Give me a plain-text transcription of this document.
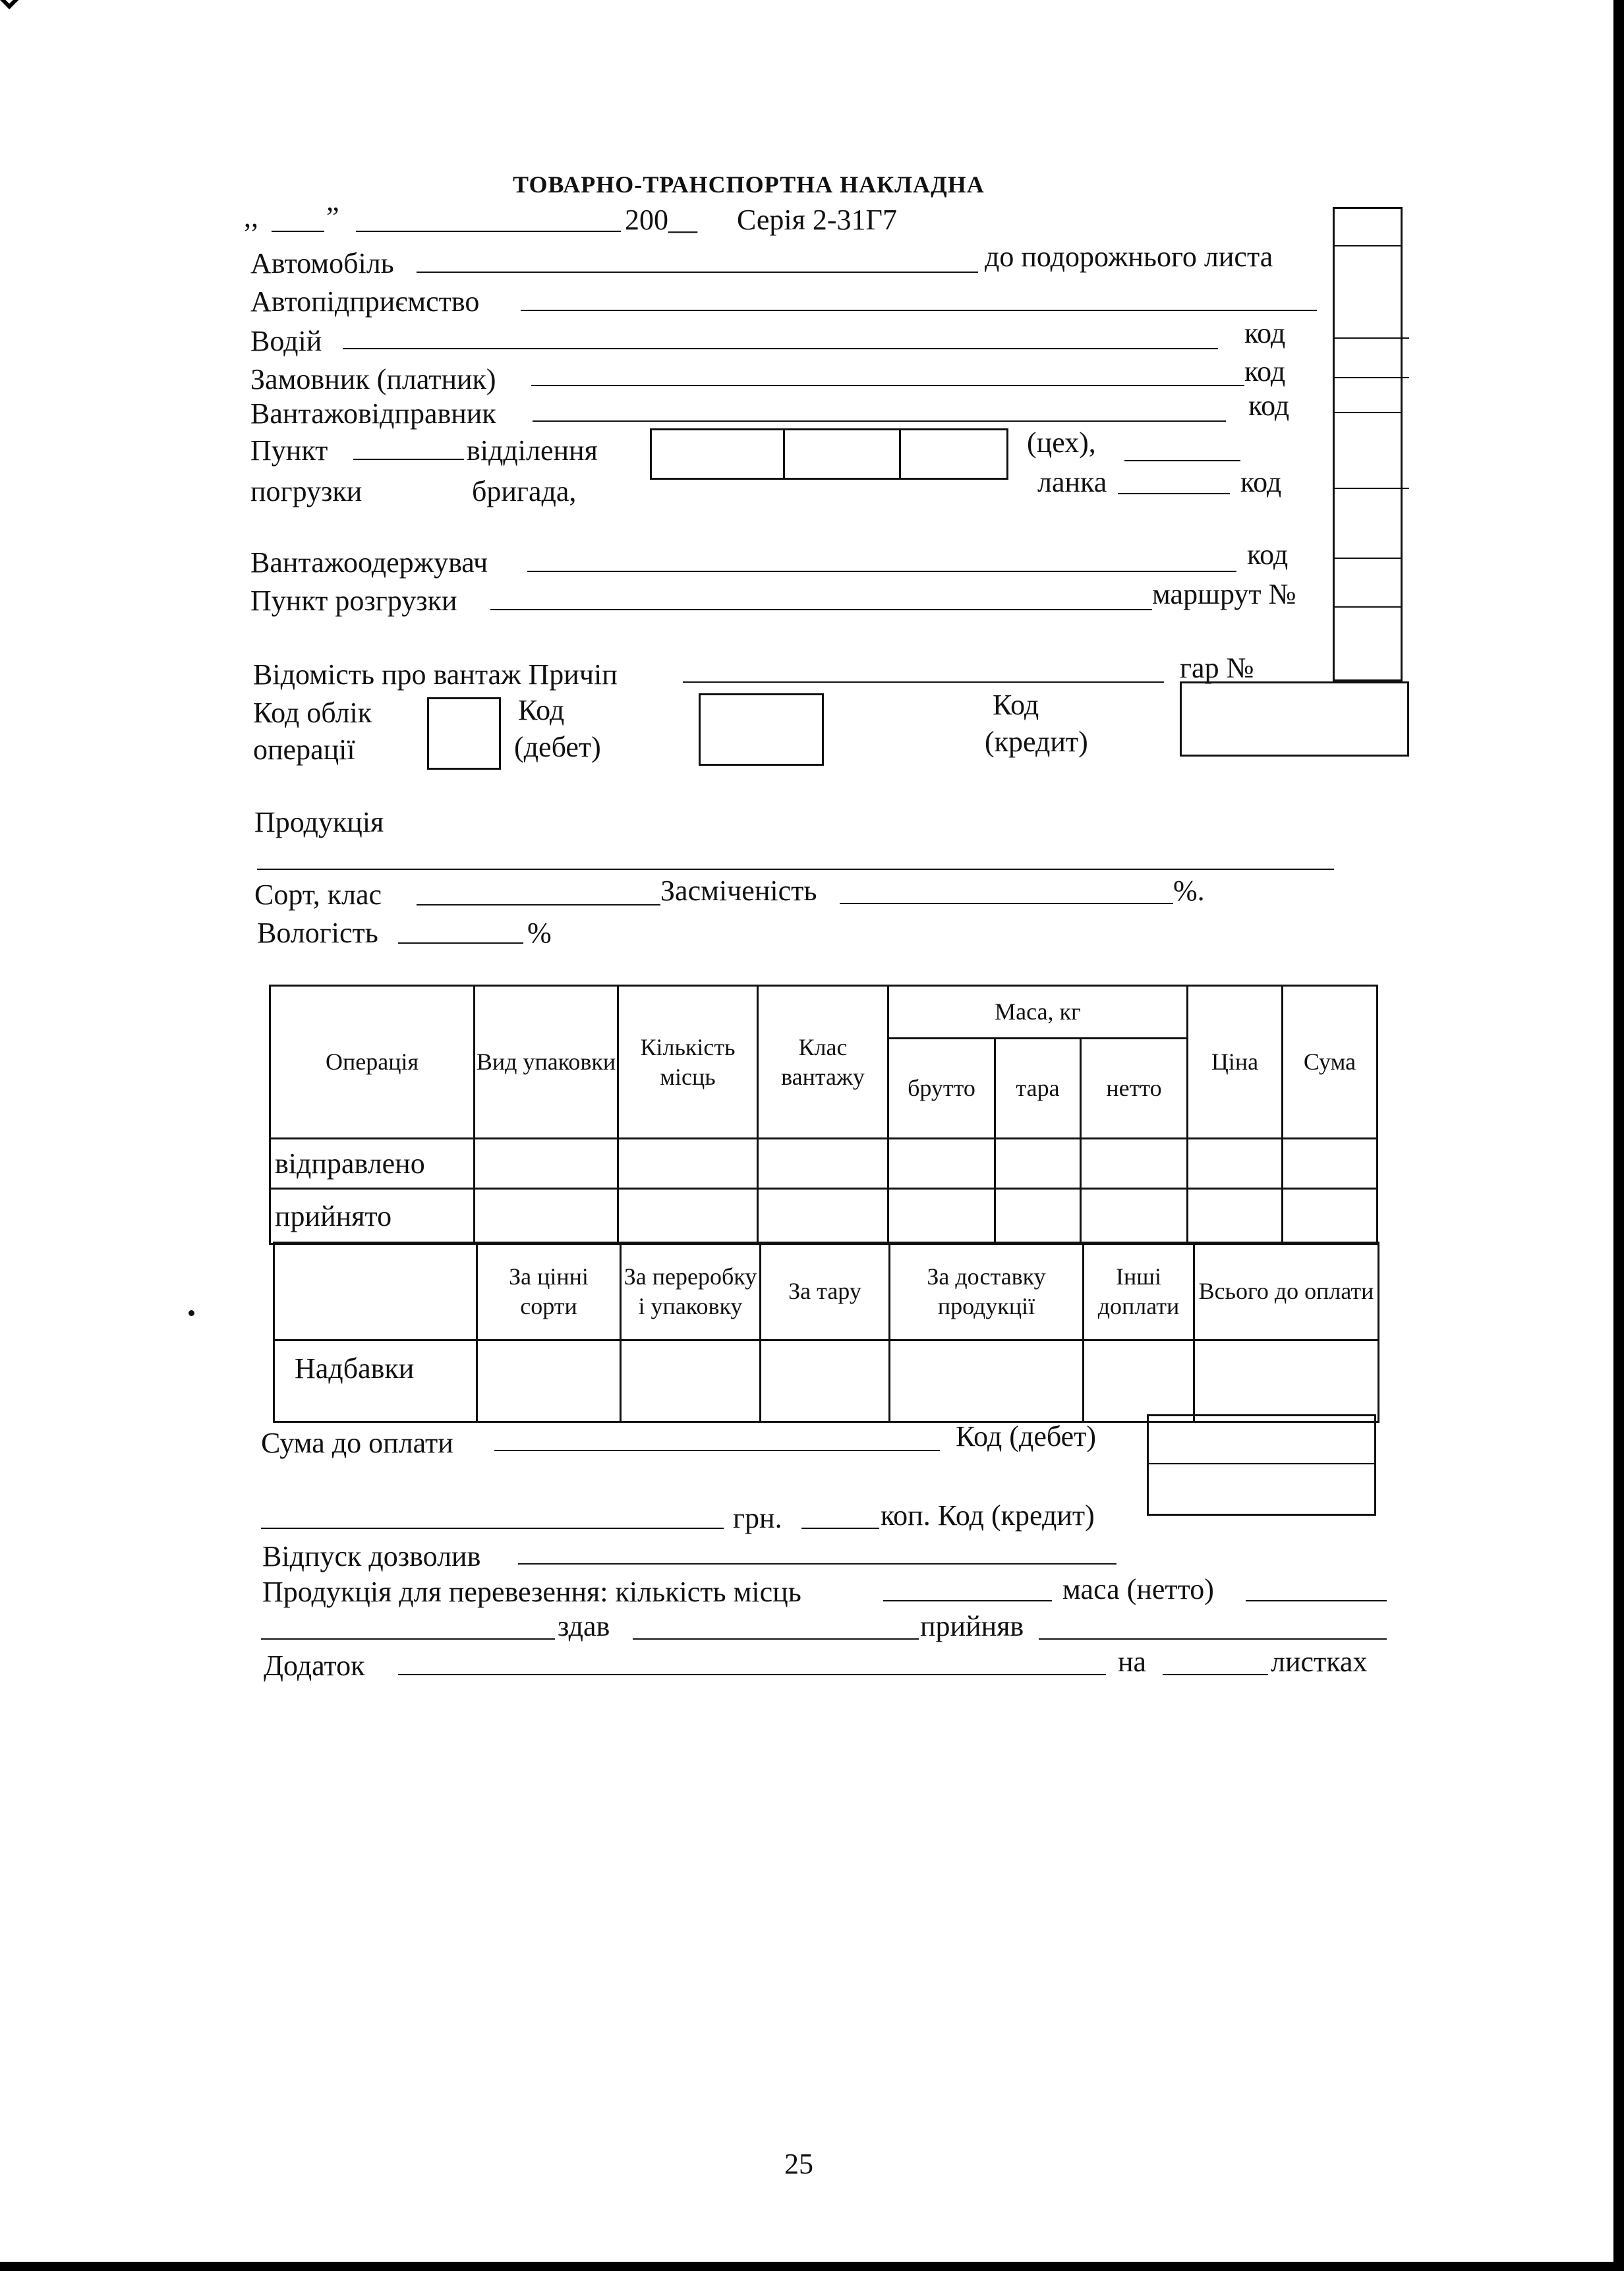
ТОВАРНО-ТРАНСПОРТНА НАКЛАДНА
,, ”	200__ Серія 2-31Г7
Автомобіль	до подорожнього листа
Автопідприємство
Водій	код
Замовник (платник)	код
Вантажовідправник	код
Пункт	відділення
погрузки	бригада,
(цех),
ланка	код
Вантажоодержувач	код
Пункт розгрузки	маршрут №
Відомість про вантаж Причіп	гар №
Код облік
операції
Код
(дебет)
Код
(кредит)
Продукція
Сорт, клас	Засміченість	%.
Вологість	%
Операція	Вид упаковки	Кількість місць	Клас вантажу	Маса, кг			Ціна	Сума
				брутто	тара	нетто		
відправлено								
прийнято								
	За цінні сорти	За переробку і упаковку	За тару	За доставку продукції	Інші доплати	Всього до оплати
Надбавки						
Сума до оплати	Код (дебет)
грн.	коп. Код (кредит)
Відпуск дозволив
Продукція для перевезення: кількість місць	маса (нетто)
здав	прийняв
Додаток	на	листках
25
